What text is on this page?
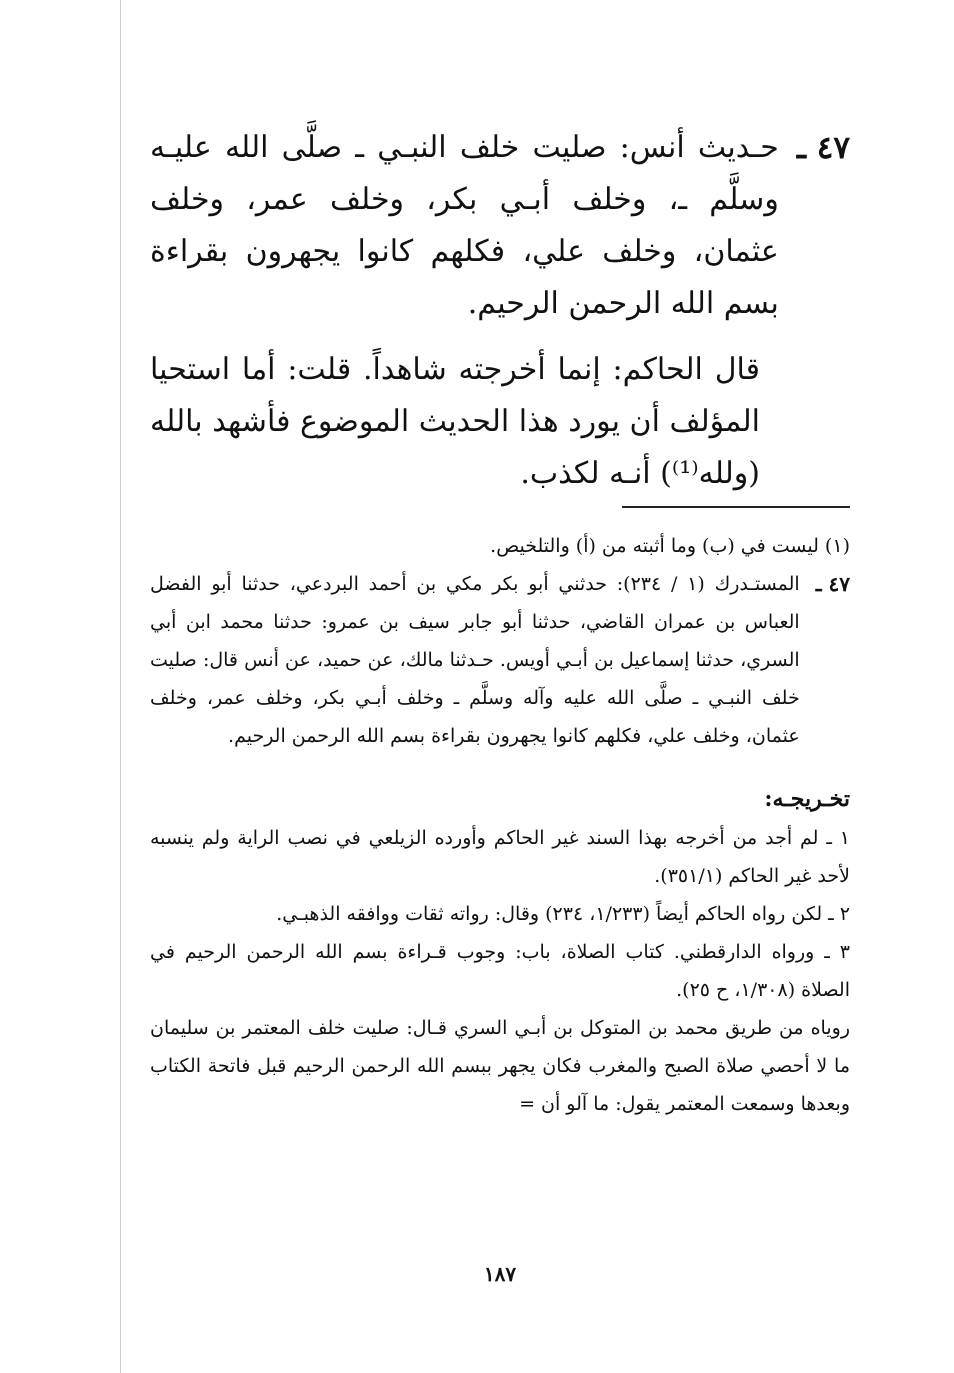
٤٧ ـ

حـديث أنس: صليت خلف النبـي ـ صلَّى الله عليـه وسلَّم ـ، وخلف أبـي بكر، وخلف عمر، وخلف عثمان، وخلف علي، فكلهم كانوا يجهرون بقراءة بسم الله الرحمن الرحيم.

قال الحاكم: إنما أخرجته شاهداً. قلت: أما استحيا المؤلف أن يورد هذا الحديث الموضوع فأشهد بالله (ولله⁽¹⁾) أنـه لكذب.

(١) ليست في (ب) وما أثبته من (أ) والتلخيص.

٤٧ ـ

المستـدرك (١ / ٢٣٤): حدثني أبو بكر مكي بن أحمد البردعي، حدثنا أبو الفضل العباس بن عمران القاضي، حدثنا أبو جابر سيف بن عمرو: حدثنا محمد ابن أبي السري، حدثنا إسماعيل بن أبـي أويس. حـدثنا مالك، عن حميد، عن أنس قال: صليت خلف النبـي ـ صلَّى الله عليه وآله وسلَّم ـ وخلف أبـي بكر، وخلف عمر، وخلف عثمان، وخلف علي، فكلهم كانوا يجهرون بقراءة بسم الله الرحمن الرحيم.

تخـريجـه:

١ ـ لم أجد من أخرجه بهذا السند غير الحاكم وأورده الزيلعي في نصب الراية ولم ينسبه لأحد غير الحاكم (٣٥١/١).

٢ ـ لكن رواه الحاكم أيضاً (١/٢٣٣، ٢٣٤) وقال: رواته ثقات ووافقه الذهبـي.

٣ ـ ورواه الدارقطني. كتاب الصلاة، باب: وجوب قـراءة بسم الله الرحمن الرحيم في الصلاة (١/٣٠٨، ح ٢٥).

روياه من طريق محمد بن المتوكل بن أبـي السري قـال: صليت خلف المعتمر بن سليمان ما لا أحصي صلاة الصبح والمغرب فكان يجهر ببسم الله الرحمن الرحيم قبل فاتحة الكتاب وبعدها وسمعت المعتمر يقول: ما آلو أن =

١٨٧
